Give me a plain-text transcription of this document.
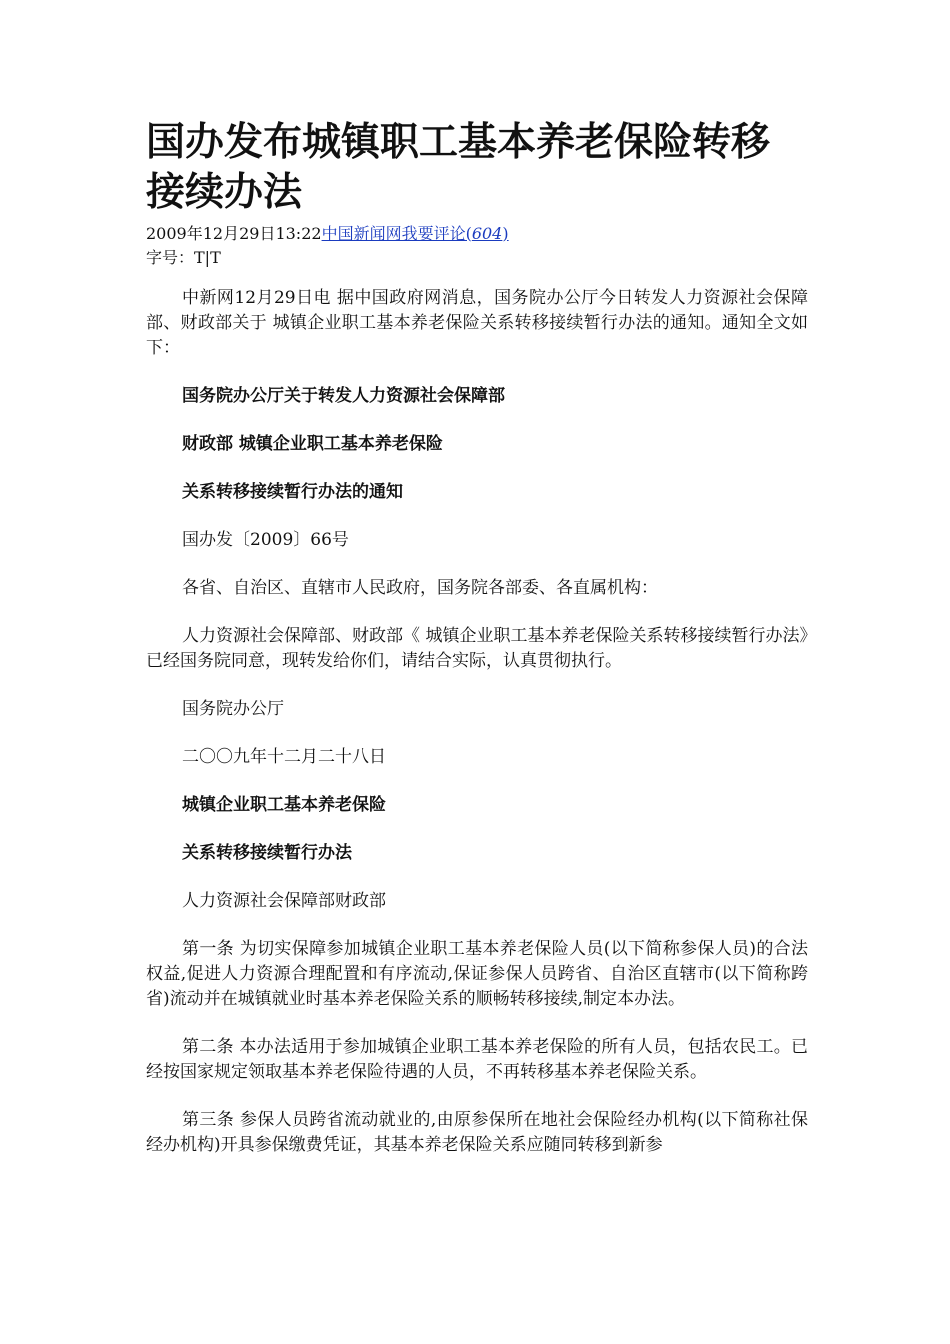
国办发布城镇职工基本养老保险转移接续办法
2009年12月29日13:22中国新闻网我要评论(604)
字号：T|T

中新网12月29日电 据中国政府网消息，国务院办公厅今日转发人力资源社会保障部、财政部关于 城镇企业职工基本养老保险关系转移接续暂行办法的通知。通知全文如下：

国务院办公厅关于转发人力资源社会保障部

财政部 城镇企业职工基本养老保险

关系转移接续暂行办法的通知

国办发〔2009〕66号

各省、自治区、直辖市人民政府，国务院各部委、各直属机构：

人力资源社会保障部、财政部《 城镇企业职工基本养老保险关系转移接续暂行办法》已经国务院同意，现转发给你们，请结合实际，认真贯彻执行。

国务院办公厅

二〇〇九年十二月二十八日

城镇企业职工基本养老保险

关系转移接续暂行办法

人力资源社会保障部财政部

第一条 为切实保障参加城镇企业职工基本养老保险人员(以下简称参保人员)的合法权益,促进人力资源合理配置和有序流动,保证参保人员跨省、自治区直辖市(以下简称跨省)流动并在城镇就业时基本养老保险关系的顺畅转移接续,制定本办法。

第二条 本办法适用于参加城镇企业职工基本养老保险的所有人员，包括农民工。已经按国家规定领取基本养老保险待遇的人员，不再转移基本养老保险关系。

第三条 参保人员跨省流动就业的,由原参保所在地社会保险经办机构(以下简称社保经办机构)开具参保缴费凭证，其基本养老保险关系应随同转移到新参
